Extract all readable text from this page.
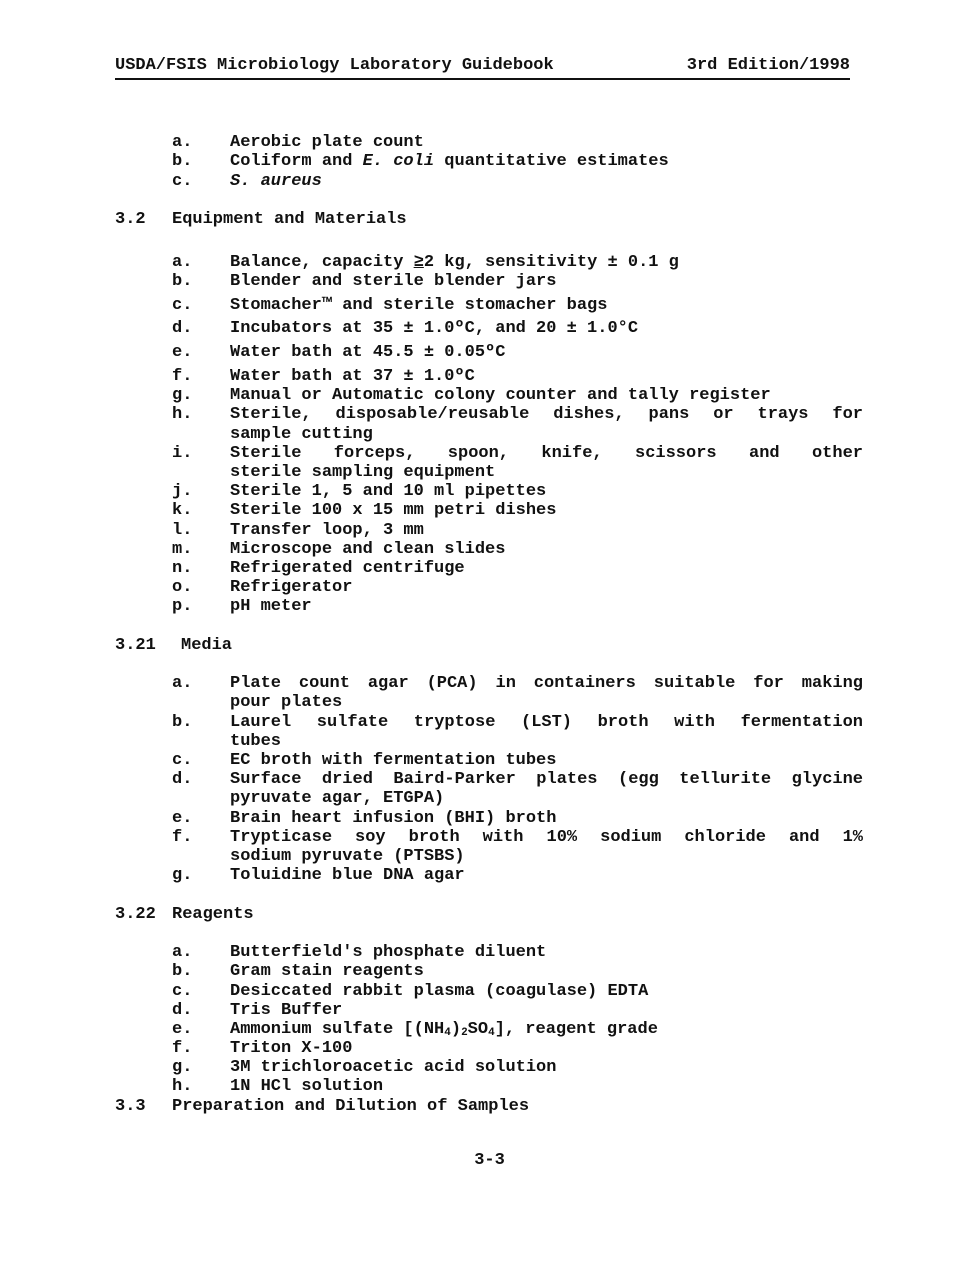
USDA/FSIS Microbiology Laboratory Guidebook	3rd Edition/1998
a. Aerobic plate count
b. Coliform and E. coli quantitative estimates
c. S. aureus
3.2 Equipment and Materials
a. Balance, capacity ≥2 kg, sensitivity ± 0.1 g
b. Blender and sterile blender jars
c. Stomacher™ and sterile stomacher bags
d. Incubators at 35 ± 1.0ºC, and 20 ± 1.0°C
e. Water bath at 45.5 ± 0.05ºC
f. Water bath at 37 ± 1.0ºC
g. Manual or Automatic colony counter and tally register
h. Sterile, disposable/reusable dishes, pans or trays for
sample cutting
i. Sterile forceps, spoon, knife, scissors and other
sterile sampling equipment
j. Sterile 1, 5 and 10 ml pipettes
k. Sterile 100 x 15 mm petri dishes
l. Transfer loop, 3 mm
m. Microscope and clean slides
n. Refrigerated centrifuge
o. Refrigerator
p. pH meter
3.21 Media
a. Plate count agar (PCA) in containers suitable for making
pour plates
b. Laurel sulfate tryptose (LST) broth with fermentation
tubes
c. EC broth with fermentation tubes
d. Surface dried Baird-Parker plates (egg tellurite glycine
pyruvate agar, ETGPA)
e. Brain heart infusion (BHI) broth
f. Trypticase soy broth with 10% sodium chloride and 1%
sodium pyruvate (PTSBS)
g. Toluidine blue DNA agar
3.22 Reagents
a. Butterfield's phosphate diluent
b. Gram stain reagents
c. Desiccated rabbit plasma (coagulase) EDTA
d. Tris Buffer
e. Ammonium sulfate [(NH4)2SO4], reagent grade
f. Triton X-100
g. 3M trichloroacetic acid solution
h. 1N HCl solution
3.3 Preparation and Dilution of Samples
3-3
